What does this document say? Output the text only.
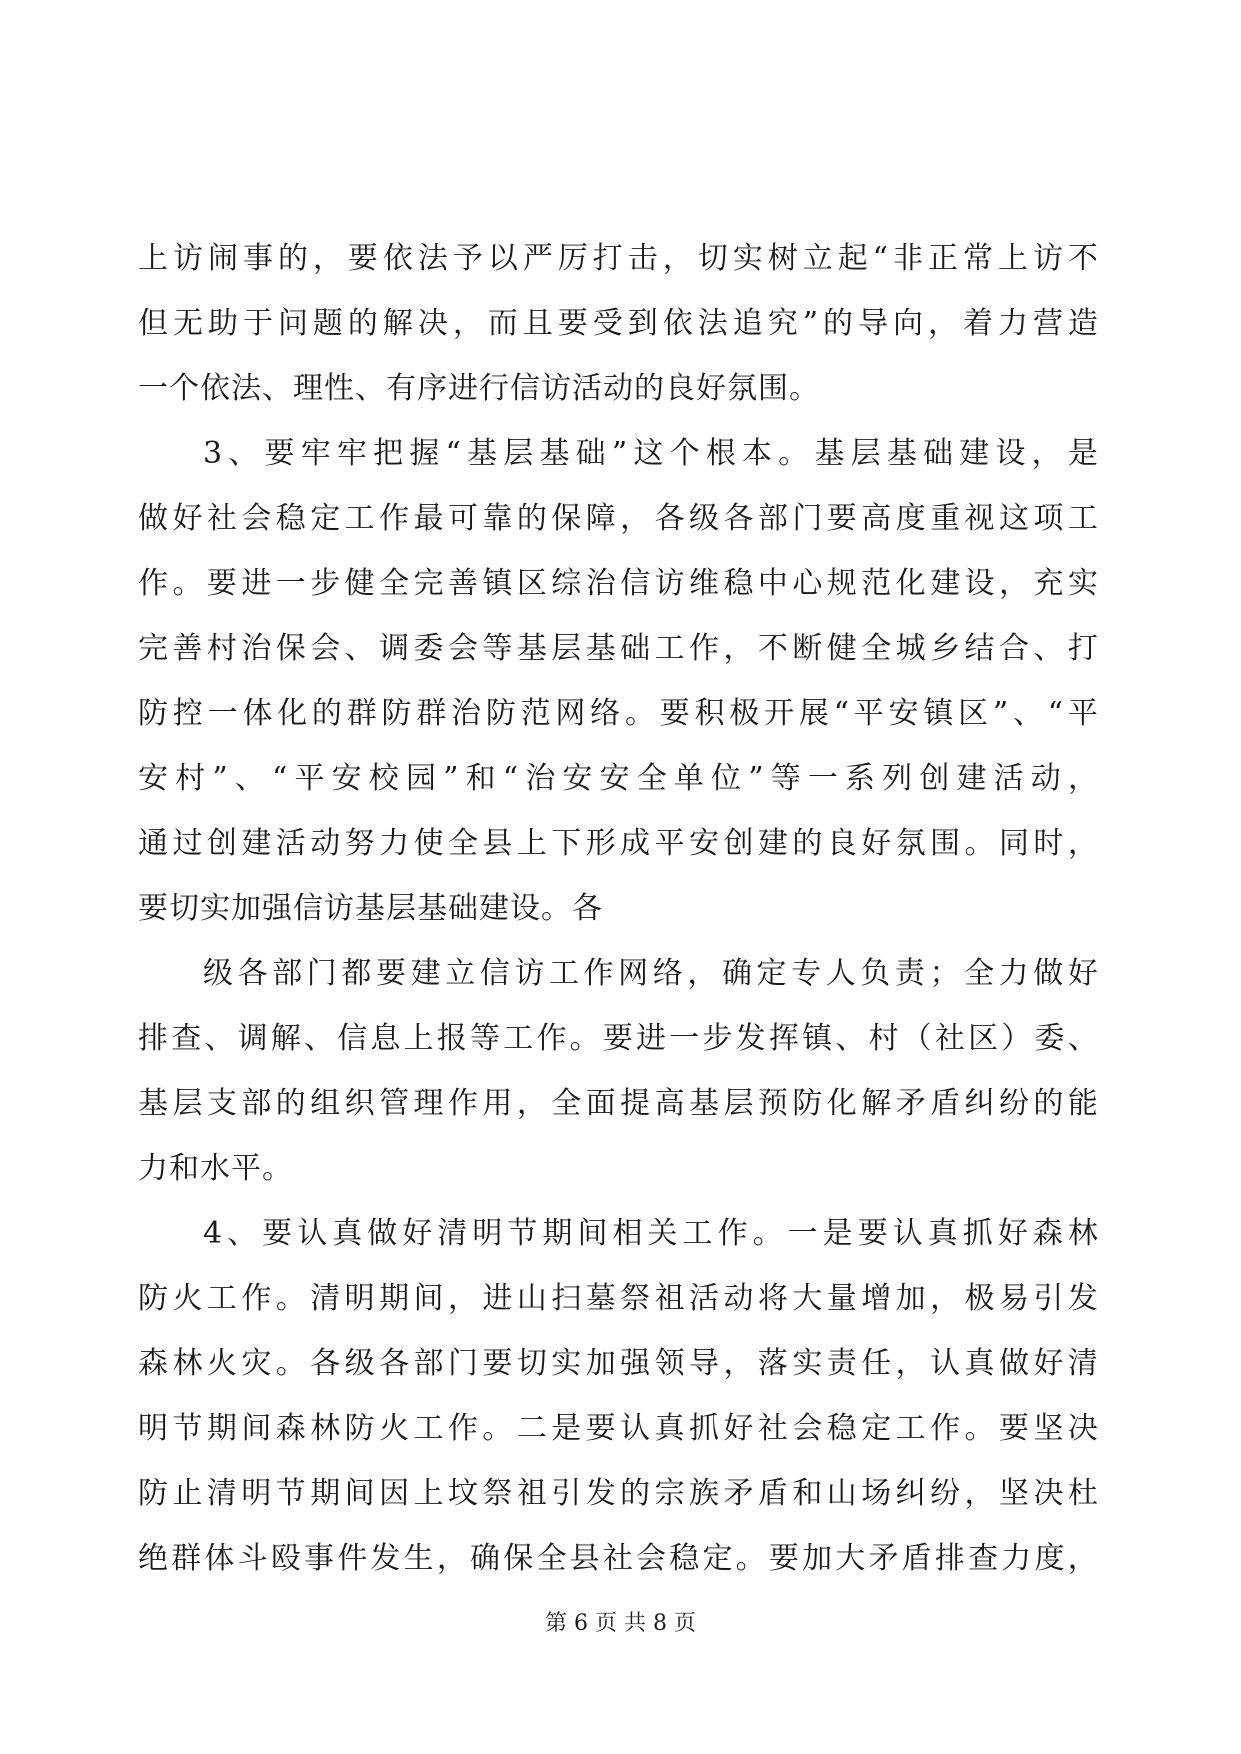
上 访 闹 事 的 ， 要 依 法 予 以 严 厉 打 击 ， 切 实 树 立 起 “ 非 正 常 上 访 不
但 无 助 于 问 题 的 解 决 ， 而 且 要 受 到 依 法 追 究 ” 的 导 向 ， 着 力 营 造
一个依法、理性、有序进行信访活动的良好氛围。
3 、 要 牢 牢 把 握 “ 基 层 基 础 ” 这 个 根 本 。 基 层 基 础 建 设 ， 是
做 好 社 会 稳 定 工 作 最 可 靠 的 保 障 ， 各 级 各 部 门 要 高 度 重 视 这 项 工
作 。 要 进 一 步 健 全 完 善 镇 区 综 治 信 访 维 稳 中 心 规 范 化 建 设 ， 充 实
完 善 村 治 保 会 、 调 委 会 等 基 层 基 础 工 作 ， 不 断 健 全 城 乡 结 合 、 打
防 控 一 体 化 的 群 防 群 治 防 范 网 络 。 要 积 极 开 展 “ 平 安 镇 区 ” 、 “ 平
安 村 ” 、 “ 平 安 校 园 ” 和 “ 治 安 安 全 单 位 ” 等 一 系 列 创 建 活 动 ，
通 过 创 建 活 动 努 力 使 全 县 上 下 形 成 平 安 创 建 的 良 好 氛 围 。 同 时 ，
要切实加强信访基层基础建设。各
级 各 部 门 都 要 建 立 信 访 工 作 网 络 ， 确 定 专 人 负 责 ； 全 力 做 好
排 查 、 调 解 、 信 息 上 报 等 工 作 。 要 进 一 步 发 挥 镇 、 村 （ 社 区 ） 委 、
基 层 支 部 的 组 织 管 理 作 用 ， 全 面 提 高 基 层 预 防 化 解 矛 盾 纠 纷 的 能
力和水平。
4 、 要 认 真 做 好 清 明 节 期 间 相 关 工 作 。 一 是 要 认 真 抓 好 森 林
防 火 工 作 。 清 明 期 间 ， 进 山 扫 墓 祭 祖 活 动 将 大 量 增 加 ， 极 易 引 发
森 林 火 灾 。 各 级 各 部 门 要 切 实 加 强 领 导 ， 落 实 责 任 ， 认 真 做 好 清
明 节 期 间 森 林 防 火 工 作 。 二 是 要 认 真 抓 好 社 会 稳 定 工 作 。 要 坚 决
防 止 清 明 节 期 间 因 上 坟 祭 祖 引 发 的 宗 族 矛 盾 和 山 场 纠 纷 ， 坚 决 杜
绝 群 体 斗 殴 事 件 发 生 ， 确 保 全 县 社 会 稳 定 。 要 加 大 矛 盾 排 查 力 度 ，
第 6 页 共 8 页
